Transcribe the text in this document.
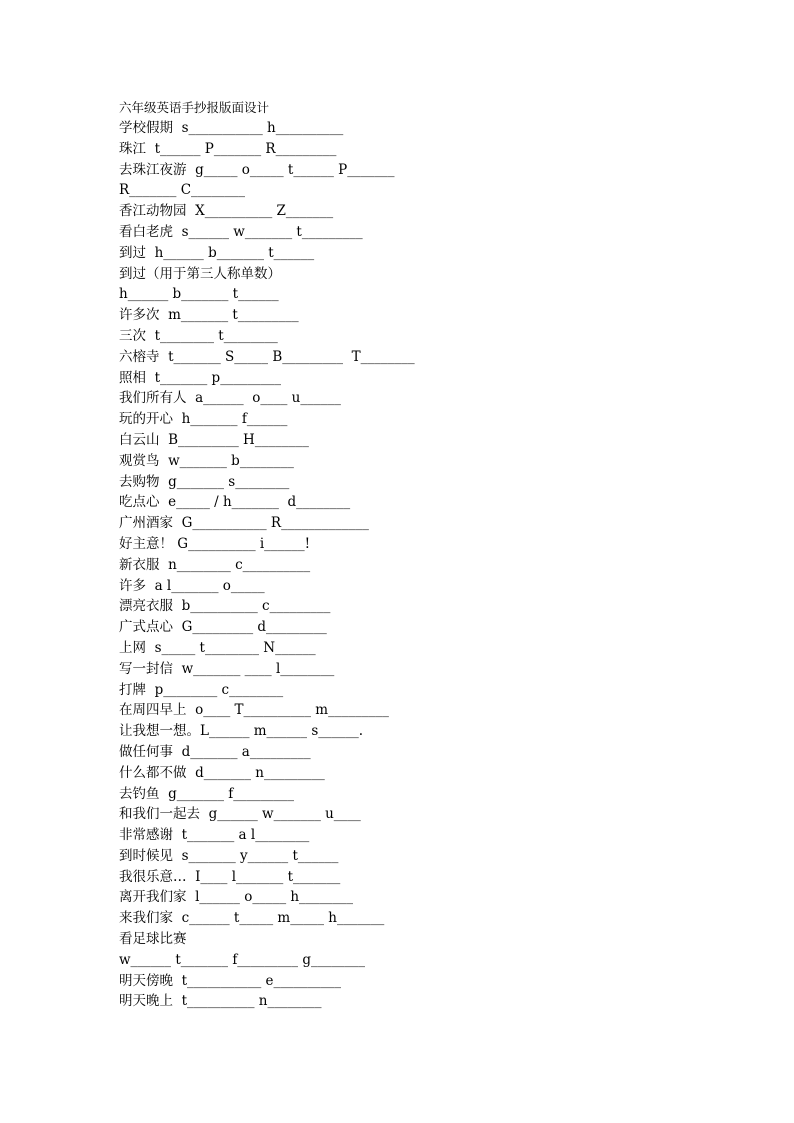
六年级英语手抄报版面设计
学校假期  s___________ h__________
珠江  t______ P_______ R_________
去珠江夜游  g_____ o_____ t______ P_______
R_______ C________
香江动物园  X__________ Z_______
看白老虎  s______ w_______ t_________
到过  h______ b_______ t______
到过（用于第三人称单数）
h______ b_______ t______
许多次  m_______ t_________
三次  t________ t________
六榕寺  t_______ S_____ B_________  T________
照相  t_______ p_________
我们所有人  a______  o____ u______
玩的开心  h_______ f______
白云山  B_________ H________
观赏鸟  w_______ b________
去购物  g_______ s________
吃点心  e_____ / h_______  d________
广州酒家  G___________ R_____________
好主意！ G__________ i______!
新衣服  n________ c__________
许多  a l_______ o_____
漂亮衣服  b__________ c_________
广式点心  G_________ d_________
上网  s_____ t________ N______
写一封信  w_______ ____ l________
打牌  p________ c________
在周四早上  o____ T__________ m_________
让我想一想。L______ m______ s______.
做任何事  d_______ a_________
什么都不做  d_______ n_________
去钓鱼  g_______ f_________
和我们一起去  g______ w_______ u____
非常感谢  t_______ a l________
到时候见  s_______ y______ t______
我很乐意…  I____ l_______ t_______
离开我们家  l______ o_____ h________
来我们家  c______ t_____ m_____ h_______
看足球比赛
w______ t_______ f_________ g________
明天傍晚  t___________ e__________
明天晚上  t__________ n________
